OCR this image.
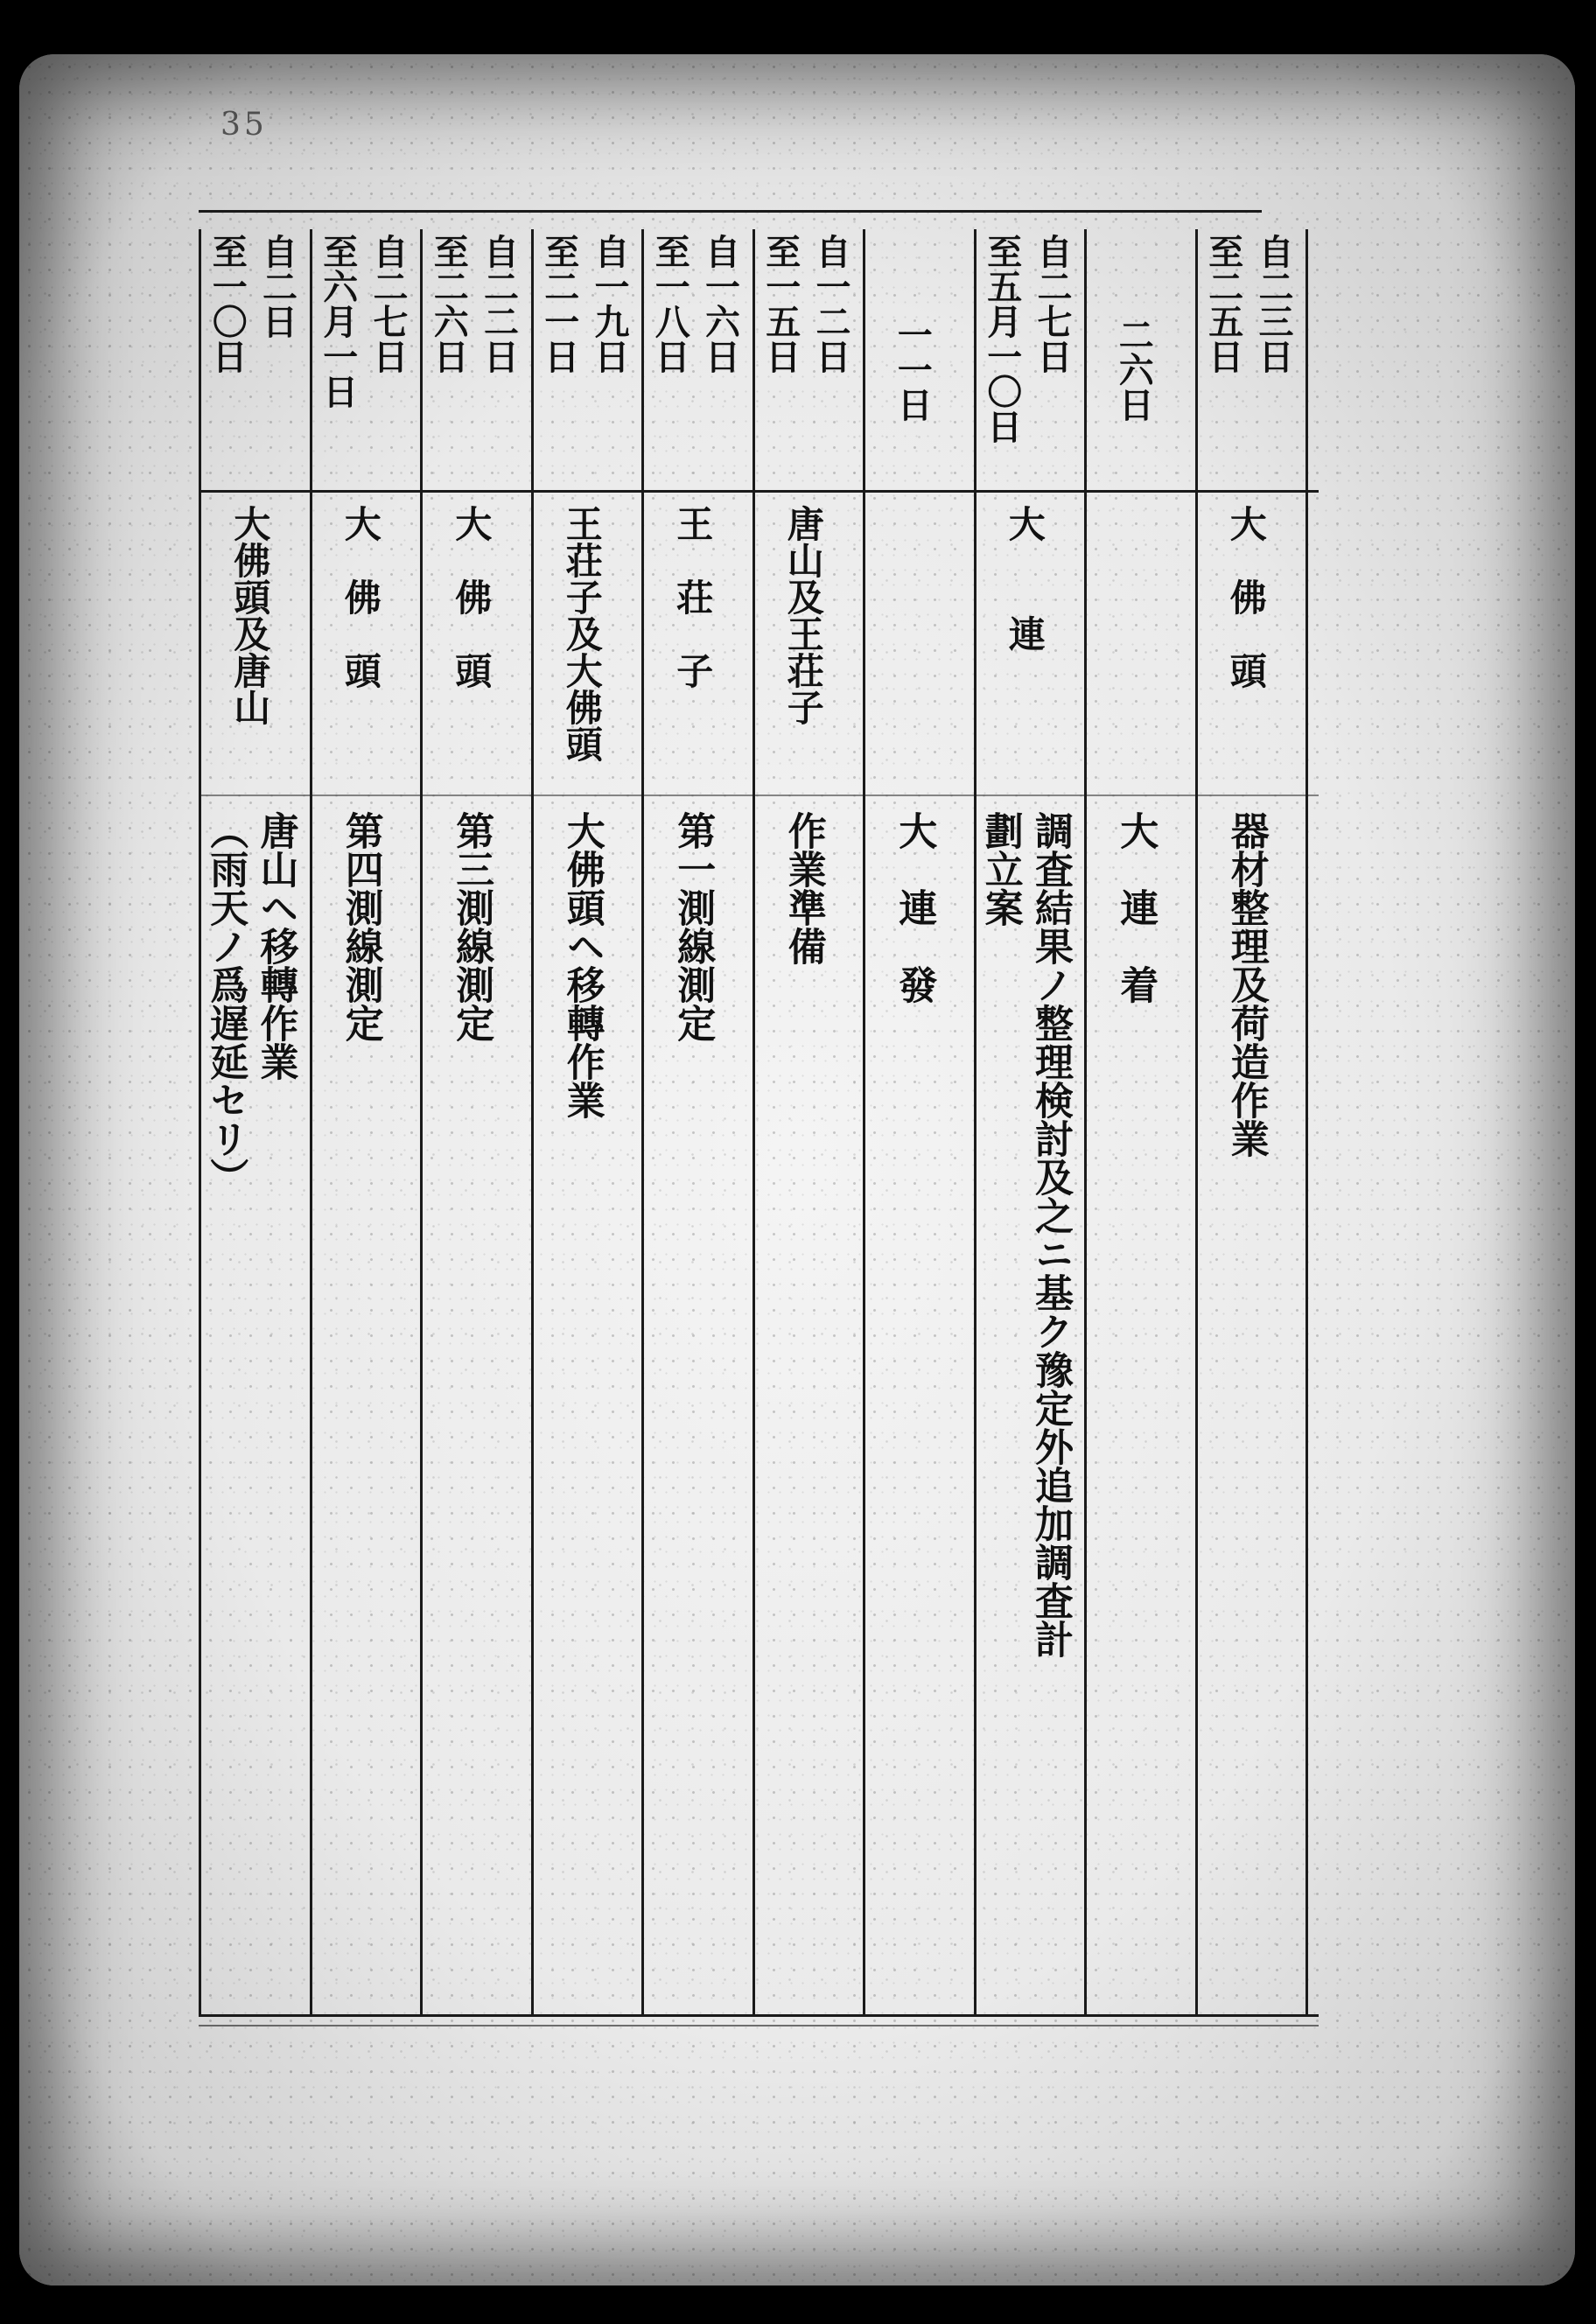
35
自二三日
至二五日
大　佛　頭
器材整理及荷造作業
二六日
大　連　着
自二七日
至五月一〇日
大　　連
調査結果ノ整理検討及之ニ基ク豫定外追加調査計
劃立案
一一日
大　連　發
自一二日
至一五日
唐山及王荘子
作業準備
自一六日
至一八日
王　荘　子
第一測線測定
自一九日
至二一日
王荘子及大佛頭
大佛頭ヘ移轉作業
自二二日
至二六日
大　佛　頭
第三測線測定
自二七日
至六月一日
大　佛　頭
第四測線測定
自二日
至一〇日
大佛頭及唐山
唐山ヘ移轉作業
（雨天ノ爲遅延セリ）
